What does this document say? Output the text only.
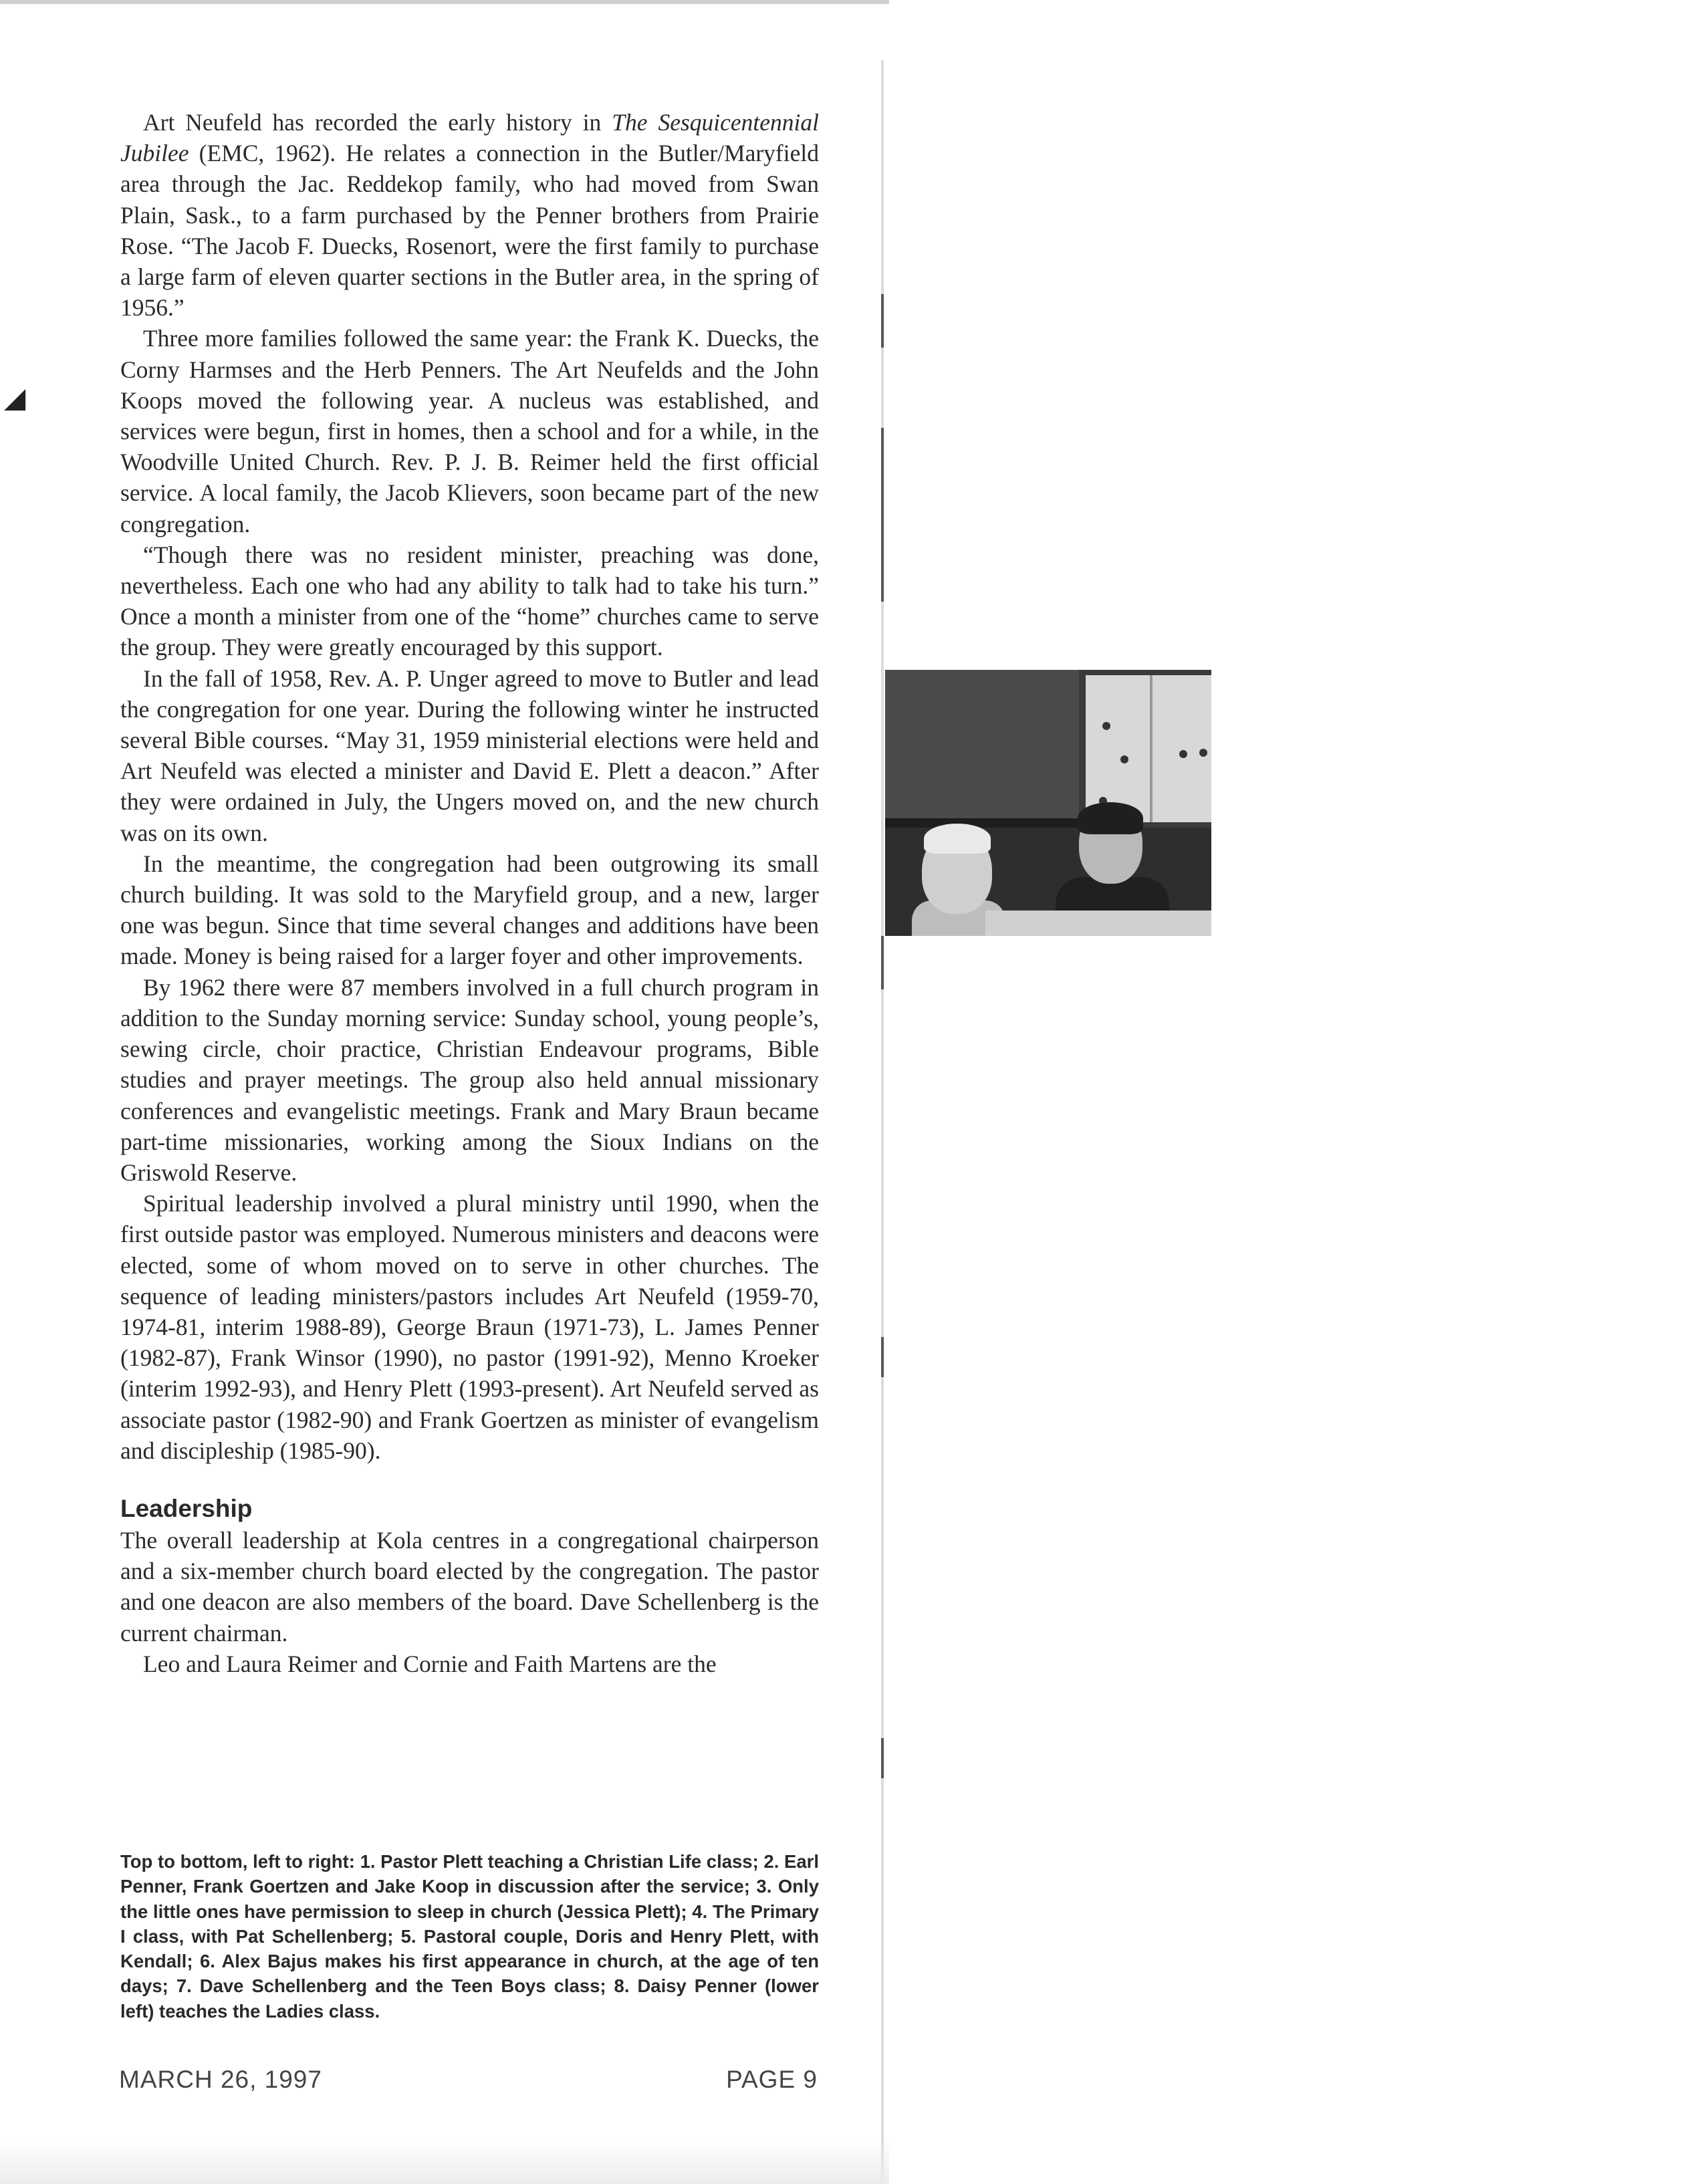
◢

Art Neufeld has recorded the early history in The Sesquicentennial Jubilee (EMC, 1962). He relates a connection in the Butler/Maryfield area through the Jac. Reddekop family, who had moved from Swan Plain, Sask., to a farm purchased by the Penner brothers from Prairie Rose. “The Jacob F. Duecks, Rosenort, were the first family to purchase a large farm of eleven quarter sections in the Butler area, in the spring of 1956.”

Three more families followed the same year: the Frank K. Duecks, the Corny Harmses and the Herb Penners. The Art Neufelds and the John Koops moved the following year. A nucleus was established, and services were begun, first in homes, then a school and for a while, in the Woodville United Church. Rev. P. J. B. Reimer held the first official service. A local family, the Jacob Klievers, soon became part of the new congregation.

“Though there was no resident minister, preaching was done, nevertheless. Each one who had any ability to talk had to take his turn.” Once a month a minister from one of the “home” churches came to serve the group. They were greatly encouraged by this support.

In the fall of 1958, Rev. A. P. Unger agreed to move to Butler and lead the congregation for one year. During the following winter he instructed several Bible courses. “May 31, 1959 ministerial elections were held and Art Neufeld was elected a minister and David E. Plett a deacon.” After they were ordained in July, the Ungers moved on, and the new church was on its own.

In the meantime, the congregation had been outgrowing its small church building. It was sold to the Maryfield group, and a new, larger one was begun. Since that time several changes and additions have been made. Money is being raised for a larger foyer and other improvements.

By 1962 there were 87 members involved in a full church program in addition to the Sunday morning service: Sunday school, young people’s, sewing circle, choir practice, Christian Endeavour programs, Bible studies and prayer meetings. The group also held annual missionary conferences and evangelistic meetings. Frank and Mary Braun became part-time missionaries, working among the Sioux Indians on the Griswold Reserve.

Spiritual leadership involved a plural ministry until 1990, when the first outside pastor was employed. Numerous ministers and deacons were elected, some of whom moved on to serve in other churches. The sequence of leading ministers/pastors includes Art Neufeld (1959-70, 1974-81, interim 1988-89), George Braun (1971-73), L. James Penner (1982-87), Frank Winsor (1990), no pastor (1991-92), Menno Kroeker (interim 1992-93), and Henry Plett (1993-present). Art Neufeld served as associate pastor (1982-90) and Frank Goertzen as minister of evangelism and discipleship (1985-90).

Leadership

The overall leadership at Kola centres in a congregational chairperson and a six-member church board elected by the congregation. The pastor and one deacon are also members of the board. Dave Schellenberg is the current chairman.

Leo and Laura Reimer and Cornie and Faith Martens are the

Top to bottom, left to right: 1. Pastor Plett teaching a Christian Life class; 2. Earl Penner, Frank Goertzen and Jake Koop in discussion after the service; 3. Only the little ones have permission to sleep in church (Jessica Plett); 4. The Primary I class, with Pat Schellenberg; 5. Pastoral couple, Doris and Henry Plett, with Kendall; 6. Alex Bajus makes his first appearance in church, at the age of ten days; 7. Dave Schellenberg and the Teen Boys class; 8. Daisy Penner (lower left) teaches the Ladies class.
MARCH 26, 1997	PAGE 9
